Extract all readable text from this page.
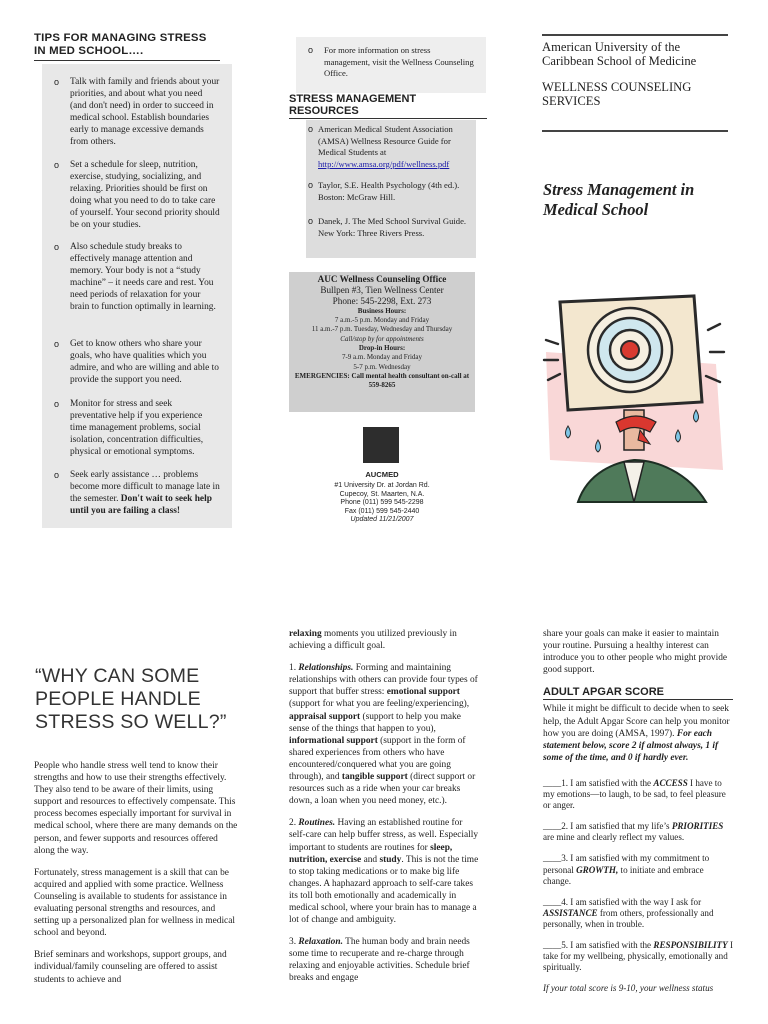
TIPS FOR MANAGING STRESS IN MED SCHOOL….
o Talk with family and friends about your priorities, and about what you need (and don't need) in order to succeed in medical school. Establish boundaries early to manage excessive demands from others.
o Set a schedule for sleep, nutrition, exercise, studying, socializing, and relaxing. Priorities should be first on doing what you need to do to take care of yourself. Your second priority should be on your studies.
o Also schedule study breaks to effectively manage attention and memory. Your body is not a “study machine” – it needs care and rest. You need periods of relaxation for your brain to function optimally in learning.
o Get to know others who share your goals, who have qualities which you admire, and who are willing and able to provide the support you need.
o Monitor for stress and seek preventative help if you experience time management problems, social isolation, concentration difficulties, physical or emotional symptoms.
o Seek early assistance … problems become more difficult to manage late in the semester. Don't wait to seek help until you are failing a class!
o For more information on stress management, visit the Wellness Counseling Office.
STRESS MANAGEMENT RESOURCES
o American Medical Student Association (AMSA) Wellness Resource Guide for Medical Students at http://www.amsa.org/pdf/wellness.pdf
o Taylor, S.E. Health Psychology (4th ed.). Boston: McGraw Hill.
o Danek, J. The Med School Survival Guide. New York: Three Rivers Press.
AUC Wellness Counseling Office
Bullpen #3, Tien Wellness Center
Phone: 545-2298, Ext. 273
Business Hours:
7 a.m.-5 p.m. Monday and Friday
11 a.m.-7 p.m. Tuesday, Wednesday and Thursday
Call/stop by for appointments
Drop-in Hours:
7-9 a.m. Monday and Friday
5-7 p.m. Wednesday
EMERGENCIES: Call mental health consultant on-call at 559-8265
AUCMED
#1 University Dr. at Jordan Rd.
Cupecoy, St. Maarten, N.A.
Phone (011) 599 545-2298
Fax (011) 599 545-2440
Updated 11/21/2007
American University of the Caribbean School of Medicine
WELLNESS COUNSELING SERVICES
Stress Management in Medical School
“WHY CAN SOME PEOPLE HANDLE STRESS SO WELL?”

People who handle stress well tend to know their strengths and how to use their strengths effectively. They also tend to be aware of their limits, using support and resources to effectively compensate. This process becomes especially important for survival in medical school, where there are many demands on the person, and fewer supports and resources offered along the way.

Fortunately, stress management is a skill that can be acquired and applied with some practice. Wellness Counseling is available to students for assistance in evaluating personal strengths and resources, and setting up a personalized plan for wellness in medical school and beyond.

Brief seminars and workshops, support groups, and individual/family counseling are offered to assist students to achieve and

relaxing moments you utilized previously in achieving a difficult goal.

1. Relationships. Forming and maintaining relationships with others can provide four types of support that buffer stress: emotional support (support for what you are feeling/experiencing), appraisal support (support to help you make sense of the things that happen to you), informational support (support in the form of shared experiences from others who have encountered/conquered what you are going through), and tangible support (direct support or resources such as a ride when your car breaks down, a loan when you need money, etc.).

2. Routines. Having an established routine for self-care can help buffer stress, as well. Especially important to students are routines for sleep, nutrition, exercise and study. This is not the time to stop taking medications or to make big life changes. A haphazard approach to self-care takes its toll both emotionally and academically in medical school, where your brain has to manage a lot of change and ambiguity.

3. Relaxation. The human body and brain needs some time to recuperate and re-charge through relaxing and enjoyable activities. Schedule brief breaks and engage

share your goals can make it easier to maintain your routine. Pursuing a healthy interest can introduce you to other people who might provide good support.

ADULT APGAR SCORE

While it might be difficult to decide when to seek help, the Adult Apgar Score can help you monitor how you are doing (AMSA, 1997). For each statement below, score 2 if almost always, 1 if some of the time, and 0 if hardly ever.

____1. I am satisfied with the ACCESS I have to my emotions—to laugh, to be sad, to feel pleasure or anger.

____2. I am satisfied that my life’s PRIORITIES are mine and clearly reflect my values.

____3. I am satisfied with my commitment to personal GROWTH, to initiate and embrace change.

____4. I am satisfied with the way I ask for ASSISTANCE from others, professionally and personally, when in trouble.

____5. I am satisfied with the RESPONSIBILITY I take for my wellbeing, physically, emotionally and spiritually.

If your total score is 9-10, your wellness status
